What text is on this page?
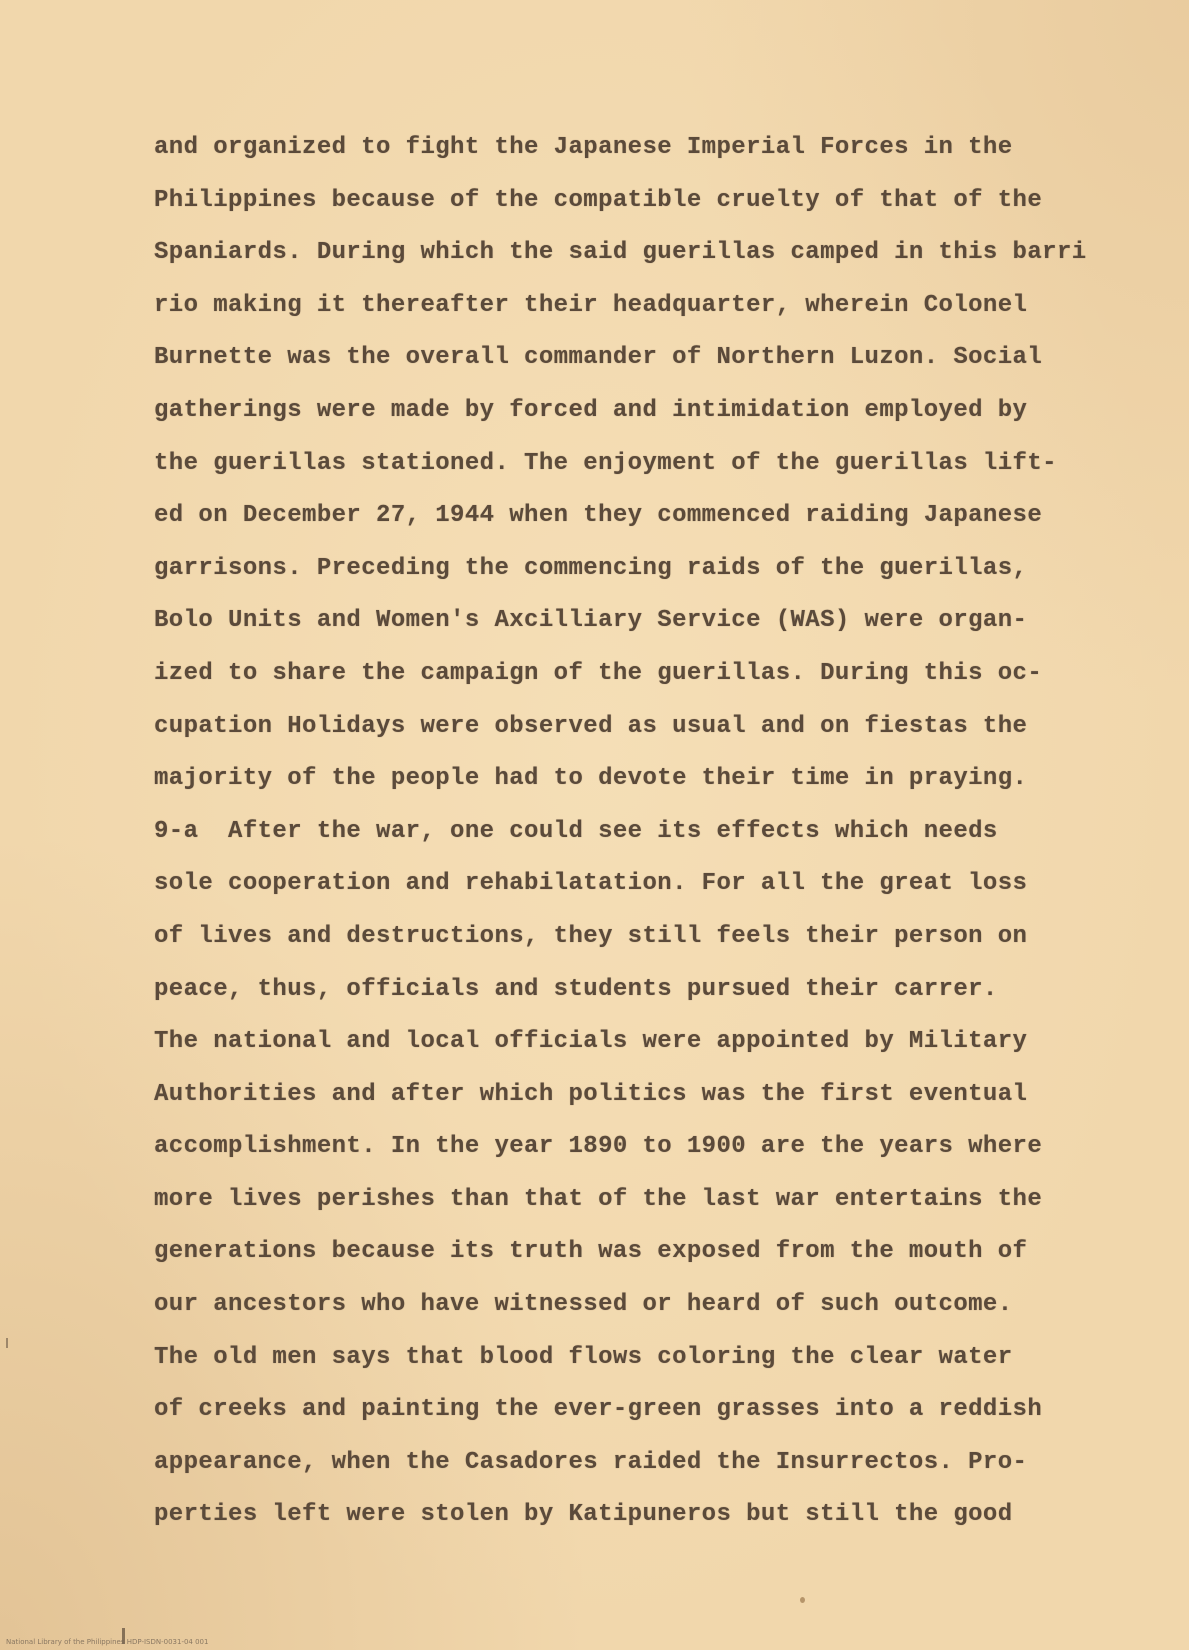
and organized to fight the Japanese Imperial Forces in the
Philippines because of the compatible cruelty of that of the
Spaniards. During which the said guerillas camped in this barri
rio making it thereafter their headquarter, wherein Colonel
Burnette was the overall commander of Northern Luzon. Social
gatherings were made by forced and intimidation employed by
the guerillas stationed. The enjoyment of the guerillas lift-
ed on December 27, 1944 when they commenced raiding Japanese
garrisons. Preceding the commencing raids of the guerillas,
Bolo Units and Women's Axcilliary Service (WAS) were organ-
ized to share the campaign of the guerillas. During this oc-
cupation Holidays were observed as usual and on fiestas the
majority of the people had to devote their time in praying.
9-a  After the war, one could see its effects which needs
sole cooperation and rehabilatation. For all the great loss
of lives and destructions, they still feels their person on
peace, thus, officials and students pursued their carrer.
The national and local officials were appointed by Military
Authorities and after which politics was the first eventual
accomplishment. In the year 1890 to 1900 are the years where
more lives perishes than that of the last war entertains the
generations because its truth was exposed from the mouth of
our ancestors who have witnessed or heard of such outcome.
The old men says that blood flows coloring the clear water
of creeks and painting the ever-green grasses into a reddish
appearance, when the Casadores raided the Insurrectos. Pro-
perties left were stolen by Katipuneros but still the good
National Library of the Philippines HDP-ISDN-0031-04 001
